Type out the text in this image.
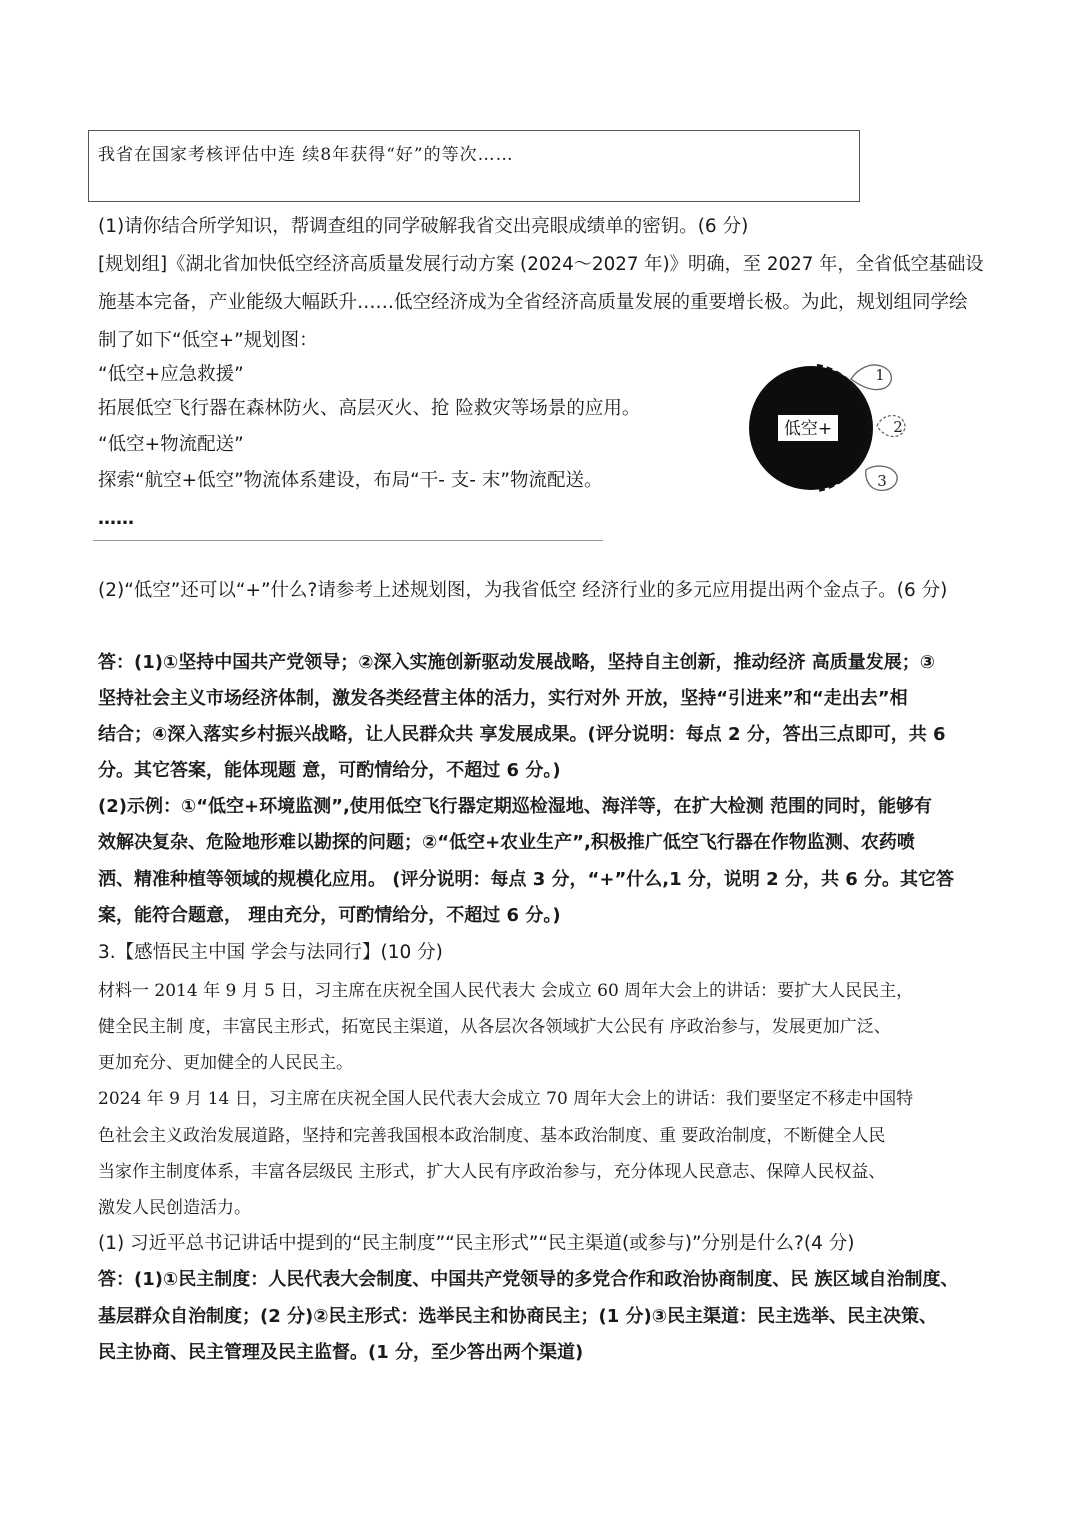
我省在国家考核评估中连 续8年获得“好”的等次……
(1)请你结合所学知识，帮调查组的同学破解我省交出亮眼成绩单的密钥。(6 分)
[规划组]《湖北省加快低空经济高质量发展行动方案 (2024～2027 年)》明确，至 2027 年，全省低空基础设
施基本完备，产业能级大幅跃升……低空经济成为全省经济高质量发展的重要增长极。为此，规划组同学绘
制了如下“低空+”规划图：
“低空+应急救援”
拓展低空飞行器在森林防火、高层灭火、抢 险救灾等场景的应用。
“低空+物流配送”
探索“航空+低空”物流体系建设，布局“干- 支- 末”物流配送。
……
低空+
1
2
3
(2)“低空”还可以“+”什么?请参考上述规划图，为我省低空 经济行业的多元应用提出两个金点子。(6 分)
答：(1)①坚持中国共产党领导；②深入实施创新驱动发展战略，坚持自主创新，推动经济 高质量发展；③
坚持社会主义市场经济体制，激发各类经营主体的活力，实行对外 开放，坚持“引进来”和“走出去”相
结合；④深入落实乡村振兴战略，让人民群众共 享发展成果。(评分说明：每点 2 分，答出三点即可，共 6
分。其它答案，能体现题 意，可酌情给分，不超过 6 分。)
(2)示例：①“低空+环境监测”,使用低空飞行器定期巡检湿地、海洋等，在扩大检测 范围的同时，能够有
效解决复杂、危险地形难以勘探的问题；②“低空+农业生产”,积极推广低空飞行器在作物监测、农药喷
洒、精准种植等领域的规模化应用。 (评分说明：每点 3 分，“+”什么,1 分，说明 2 分，共 6 分。其它答
案，能符合题意， 理由充分，可酌情给分，不超过 6 分。)
3.【感悟民主中国 学会与法同行】(10 分)
材料一 2014 年 9 月 5 日，习主席在庆祝全国人民代表大 会成立 60 周年大会上的讲话：要扩大人民民主，
健全民主制 度，丰富民主形式，拓宽民主渠道，从各层次各领域扩大公民有 序政治参与，发展更加广泛、
更加充分、更加健全的人民民主。
2024 年 9 月 14 日，习主席在庆祝全国人民代表大会成立 70 周年大会上的讲话：我们要坚定不移走中国特
色社会主义政治发展道路，坚持和完善我国根本政治制度、基本政治制度、重 要政治制度，不断健全人民
当家作主制度体系，丰富各层级民 主形式，扩大人民有序政治参与，充分体现人民意志、保障人民权益、
激发人民创造活力。
(1) 习近平总书记讲话中提到的“民主制度”“民主形式”“民主渠道(或参与)”分别是什么?(4 分)
答：(1)①民主制度：人民代表大会制度、中国共产党领导的多党合作和政治协商制度、民 族区域自治制度、
基层群众自治制度；(2 分)②民主形式：选举民主和协商民主；(1 分)③民主渠道：民主选举、民主决策、
民主协商、民主管理及民主监督。(1 分，至少答出两个渠道)
